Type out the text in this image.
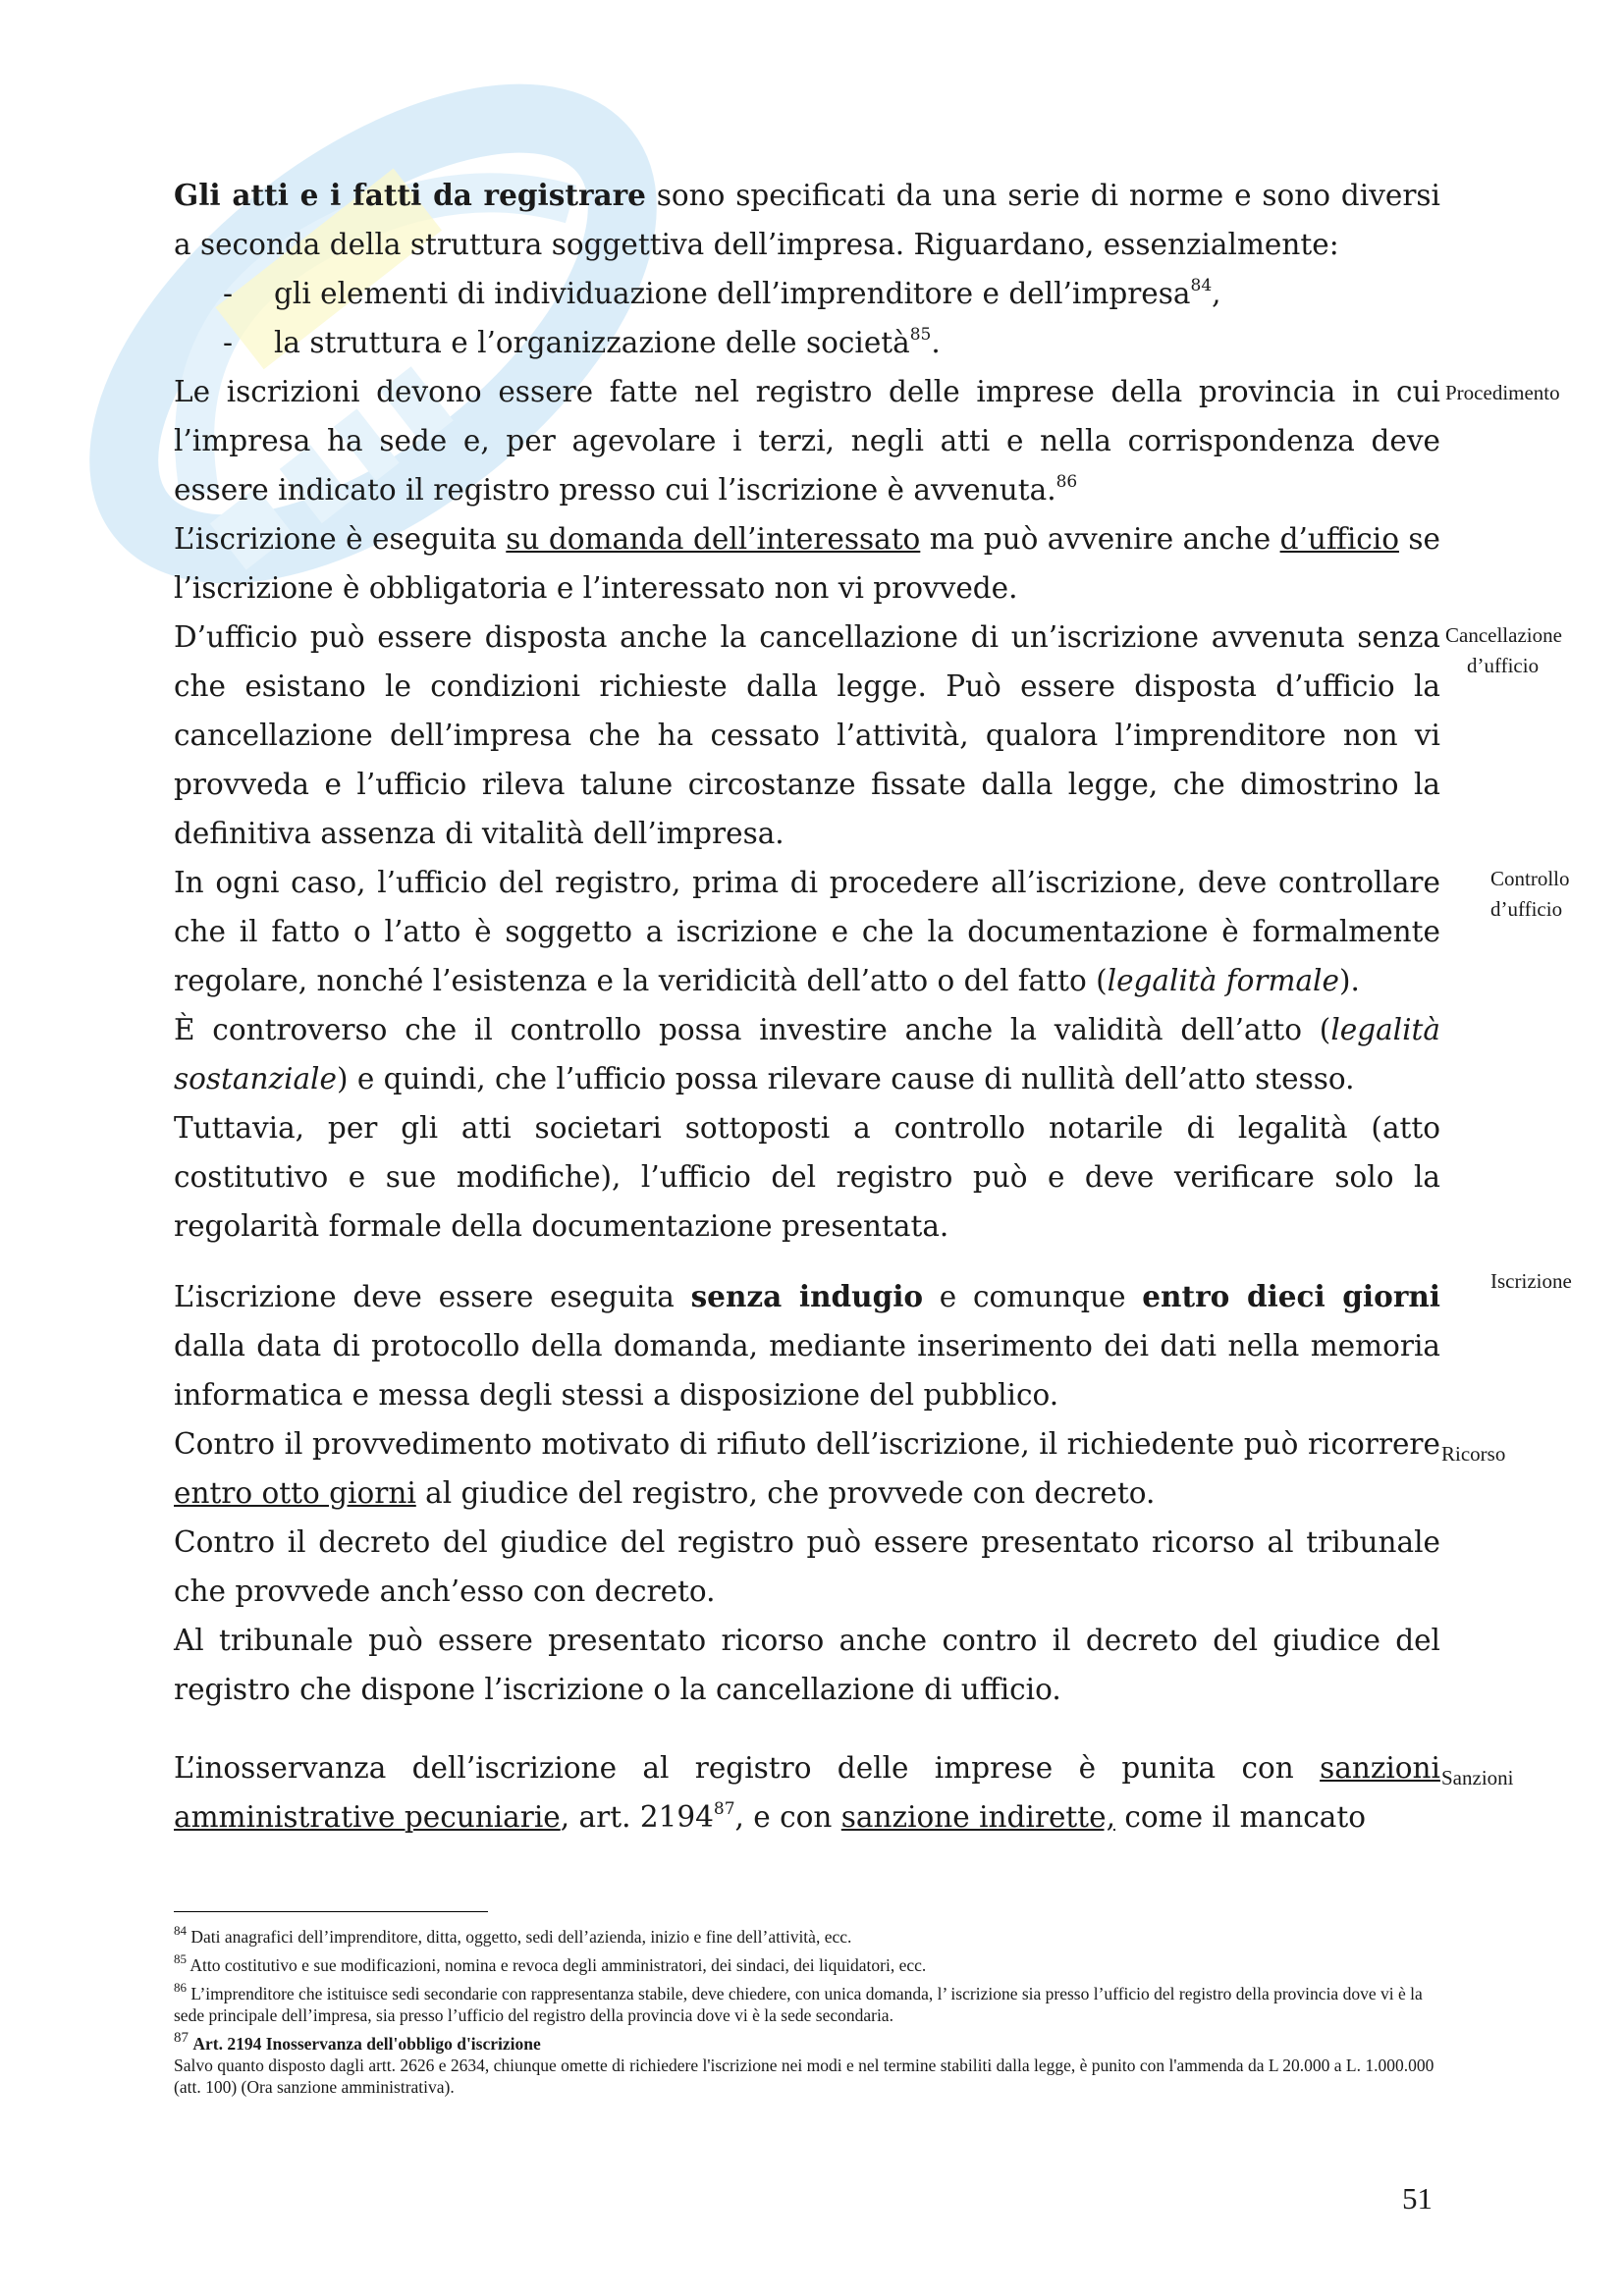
Gli atti e i fatti da registrare sono specificati da una serie di norme e sono diversi a seconda della struttura soggettiva dell’impresa. Riguardano, essenzialmente:

-	gli elementi di individuazione dell’imprenditore e dell’impresa$^{84}$,
-	la struttura e l’organizzazione delle società$^{85}$.

Le iscrizioni devono essere fatte nel registro delle imprese della provincia in cui l’impresa ha sede e, per agevolare i terzi, negli atti e nella corrispondenza deve essere indicato il registro presso cui l’iscrizione è avvenuta.$^{86}$

L’iscrizione è eseguita su domanda dell’interessato ma può avvenire anche d’ufficio se l’iscrizione è obbligatoria e l’interessato non vi provvede.

D’ufficio può essere disposta anche la cancellazione di un’iscrizione avvenuta senza che esistano le condizioni richieste dalla legge. Può essere disposta d’ufficio la cancellazione dell’impresa che ha cessato l’attività, qualora l’imprenditore non vi provveda e l’ufficio rileva talune circostanze fissate dalla legge, che dimostrino la definitiva assenza di vitalità dell’impresa.

In ogni caso, l’ufficio del registro, prima di procedere all’iscrizione, deve controllare che il fatto o l’atto è soggetto a iscrizione e che la documentazione è formalmente regolare, nonché l’esistenza e la veridicità dell’atto o del fatto (legalità formale).

È controverso che il controllo possa investire anche la validità dell’atto (legalità sostanziale) e quindi, che l’ufficio possa rilevare cause di nullità dell’atto stesso.

Tuttavia, per gli atti societari sottoposti a controllo notarile di legalità (atto costitutivo e sue modifiche), l’ufficio del registro può e deve verificare solo la regolarità formale della documentazione presentata.

L’iscrizione deve essere eseguita senza indugio e comunque entro dieci giorni dalla data di protocollo della domanda, mediante inserimento dei dati nella memoria informatica e messa degli stessi a disposizione del pubblico.

Contro il provvedimento motivato di rifiuto dell’iscrizione, il richiedente può ricorrere entro otto giorni al giudice del registro, che provvede con decreto.

Contro il decreto del giudice del registro può essere presentato ricorso al tribunale che provvede anch’esso con decreto.

Al tribunale può essere presentato ricorso anche contro il decreto del giudice del registro che dispone l’iscrizione o la cancellazione di ufficio.

L’inosservanza dell’iscrizione al registro delle imprese è punita con sanzioni amministrative pecuniarie, art. 2194$^{87}$, e con sanzione indirette, come il mancato

Procedimento
Cancellazione
d’ufficio
Controllo
d’ufficio
Iscrizione
Ricorso
Sanzioni

$^{84}$ Dati anagrafici dell’imprenditore, ditta, oggetto, sedi dell’azienda, inizio e fine dell’attività, ecc.

$^{85}$ Atto costitutivo e sue modificazioni, nomina e revoca degli amministratori, dei sindaci, dei liquidatori, ecc.

$^{86}$ L’imprenditore che istituisce sedi secondarie con rappresentanza stabile, deve chiedere, con unica domanda, l’ iscrizione sia presso l’ufficio del registro della provincia dove vi è la sede principale dell’impresa, sia presso l’ufficio del registro della provincia dove vi è la sede secondaria.

$^{87}$ Art. 2194 Inosservanza dell'obbligo d'iscrizione

Salvo quanto disposto dagli artt. 2626 e 2634, chiunque omette di richiedere l'iscrizione nei modi e nel termine stabiliti dalla legge, è punito con l'ammenda da L 20.000 a L. 1.000.000 (att. 100) (Ora sanzione amministrativa).

51
